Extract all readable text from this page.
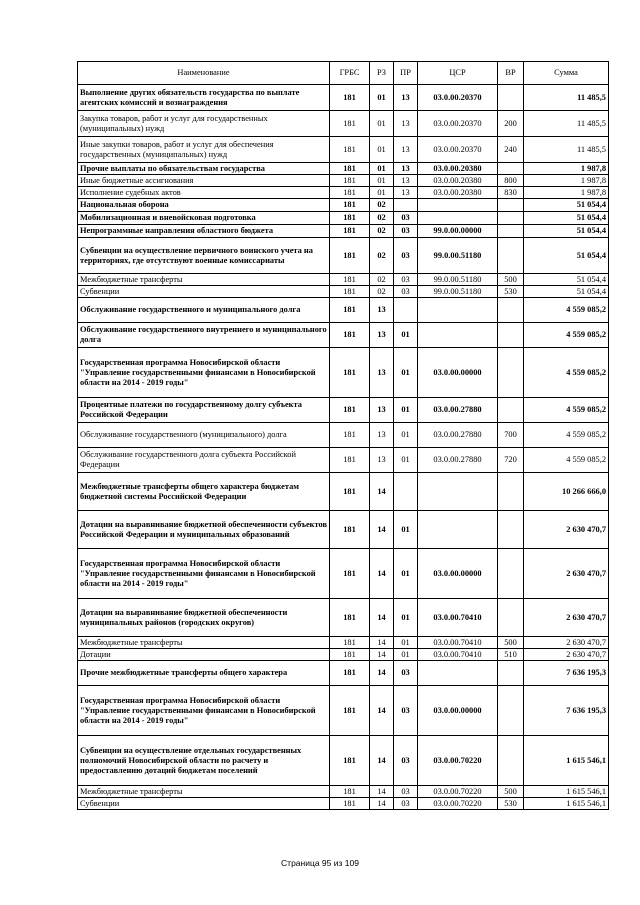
Наименование	ГРБС	РЗ	ПР	ЦСР	ВР	Сумма
Выполнение других обязательств государства по выплате агентских комиссий и вознаграждения	181	01	13	03.0.00.20370		11 485,5
Закупка товаров, работ и услуг для государственных (муниципальных) нужд	181	01	13	03.0.00.20370	200	11 485,5
Иные закупки товаров, работ и услуг для обеспечения государственных (муниципальных) нужд	181	01	13	03.0.00.20370	240	11 485,5
Прочие выплаты по обязательствам государства	181	01	13	03.0.00.20380		1 987,8
Иные бюджетные ассигнования	181	01	13	03.0.00.20380	800	1 987,8
Исполнение судебных актов	181	01	13	03.0.00.20380	830	1 987,8
Национальная оборона	181	02				51 054,4
Мобилизационная и вневойсковая подготовка	181	02	03			51 054,4
Непрограммные направления областного бюджета	181	02	03	99.0.00.00000		51 054,4
Субвенции на осуществление первичного воинского учета на территориях, где отсутствуют военные комиссариаты	181	02	03	99.0.00.51180		51 054,4
Межбюджетные трансферты	181	02	03	99.0.00.51180	500	51 054,4
Субвенции	181	02	03	99.0.00.51180	530	51 054,4
Обслуживание государственного и муниципального долга	181	13				4 559 085,2
Обслуживание государственного внутреннего и муниципального долга	181	13	01			4 559 085,2
Государственная программа Новосибирской области "Управление государственными финансами в Новосибирской области на 2014 - 2019 годы"	181	13	01	03.0.00.00000		4 559 085,2
Процентные платежи по государственному долгу субъекта Российской Федерации	181	13	01	03.0.00.27880		4 559 085,2
Обслуживание государственного (муниципального) долга	181	13	01	03.0.00.27880	700	4 559 085,2
Обслуживание государственного долга субъекта Российской Федерации	181	13	01	03.0.00.27880	720	4 559 085,2
Межбюджетные трансферты общего характера бюджетам бюджетной системы Российской Федерации	181	14				10 266 666,0
Дотации на выравнивание бюджетной обеспеченности субъектов Российской Федерации и муниципальных образований	181	14	01			2 630 470,7
Государственная программа Новосибирской области "Управление государственными финансами в Новосибирской области на 2014 - 2019 годы"	181	14	01	03.0.00.00000		2 630 470,7
Дотации на выравнивание бюджетной обеспеченности муниципальных районов (городских округов)	181	14	01	03.0.00.70410		2 630 470,7
Межбюджетные трансферты	181	14	01	03.0.00.70410	500	2 630 470,7
Дотации	181	14	01	03.0.00.70410	510	2 630 470,7
Прочие межбюджетные трансферты общего характера	181	14	03			7 636 195,3
Государственная программа Новосибирской области "Управление государственными финансами в Новосибирской области на 2014 - 2019 годы"	181	14	03	03.0.00.00000		7 636 195,3
Субвенции на осуществление отдельных государственных полномочий Новосибирской области по расчету и предоставлению дотаций бюджетам поселений	181	14	03	03.0.00.70220		1 615 546,1
Межбюджетные трансферты	181	14	03	03.0.00.70220	500	1 615 546,1
Субвенции	181	14	03	03.0.00.70220	530	1 615 546,1
Страница 95 из 109
